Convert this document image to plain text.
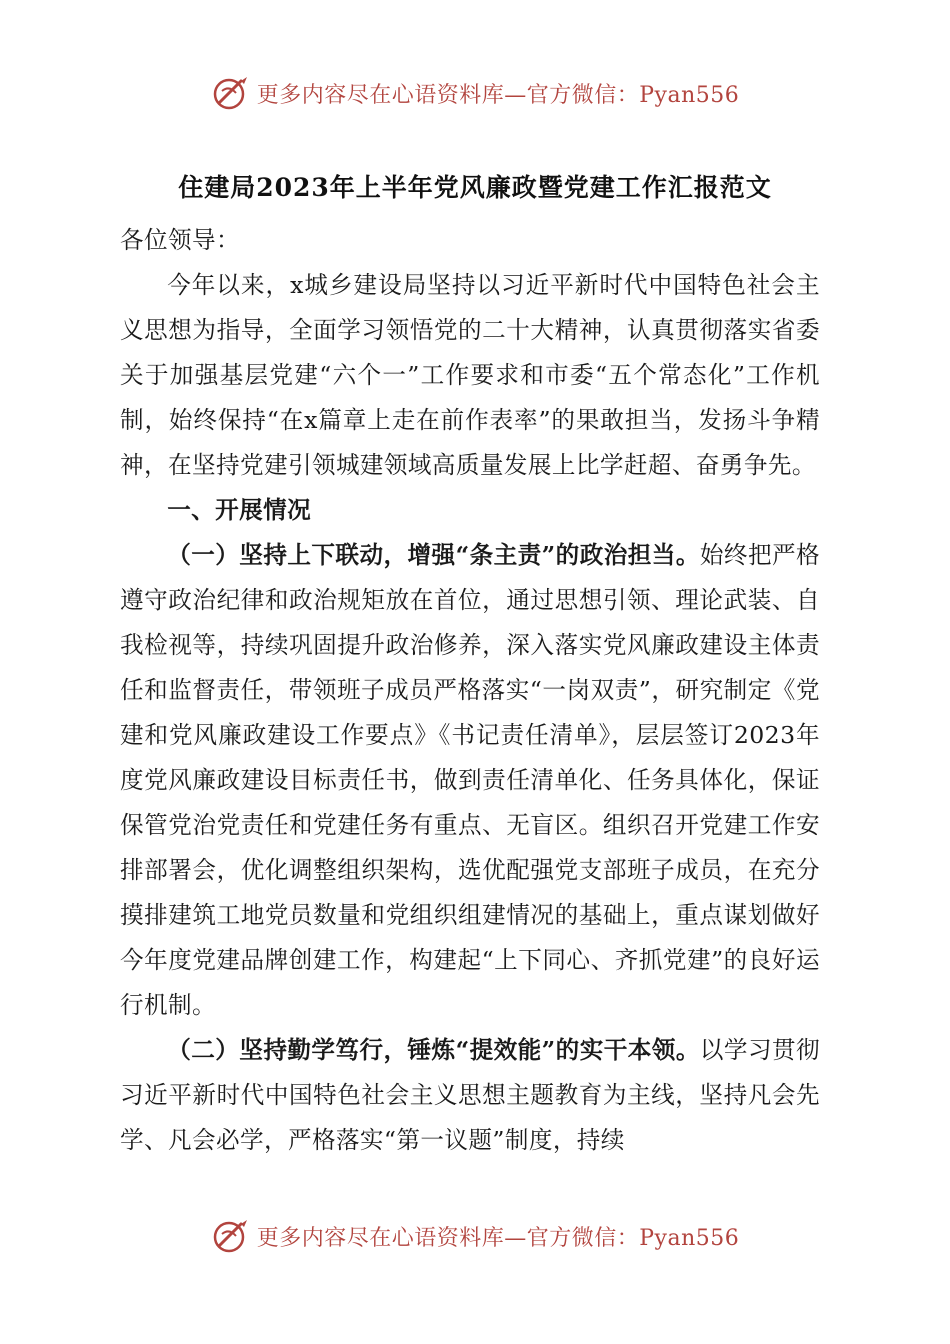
更多内容尽在心语资料库—官方微信：Pyan556
住建局2023年上半年党风廉政暨党建工作汇报范文

各位领导：

今年以来，x城乡建设局坚持以习近平新时代中国特色社会主义思想为指导，全面学习领悟党的二十大精神，认真贯彻落实省委关于加强基层党建“六个一”工作要求和市委“五个常态化”工作机制，始终保持“在x篇章上走在前作表率”的果敢担当，发扬斗争精神，在坚持党建引领城建领域高质量发展上比学赶超、奋勇争先。

一、开展情况

（一）坚持上下联动，增强“条主责”的政治担当。始终把严格遵守政治纪律和政治规矩放在首位，通过思想引领、理论武装、自我检视等，持续巩固提升政治修养，深入落实党风廉政建设主体责任和监督责任，带领班子成员严格落实“一岗双责”，研究制定《党建和党风廉政建设工作要点》《书记责任清单》，层层签订2023年度党风廉政建设目标责任书，做到责任清单化、任务具体化，保证保管党治党责任和党建任务有重点、无盲区。组织召开党建工作安排部署会，优化调整组织架构，选优配强党支部班子成员，在充分摸排建筑工地党员数量和党组织组建情况的基础上，重点谋划做好今年度党建品牌创建工作，构建起“上下同心、齐抓党建”的良好运行机制。

（二）坚持勤学笃行，锤炼“提效能”的实干本领。以学习贯彻习近平新时代中国特色社会主义思想主题教育为主线，坚持凡会先学、凡会必学，严格落实“第一议题”制度，持续

更多内容尽在心语资料库—官方微信：Pyan556
